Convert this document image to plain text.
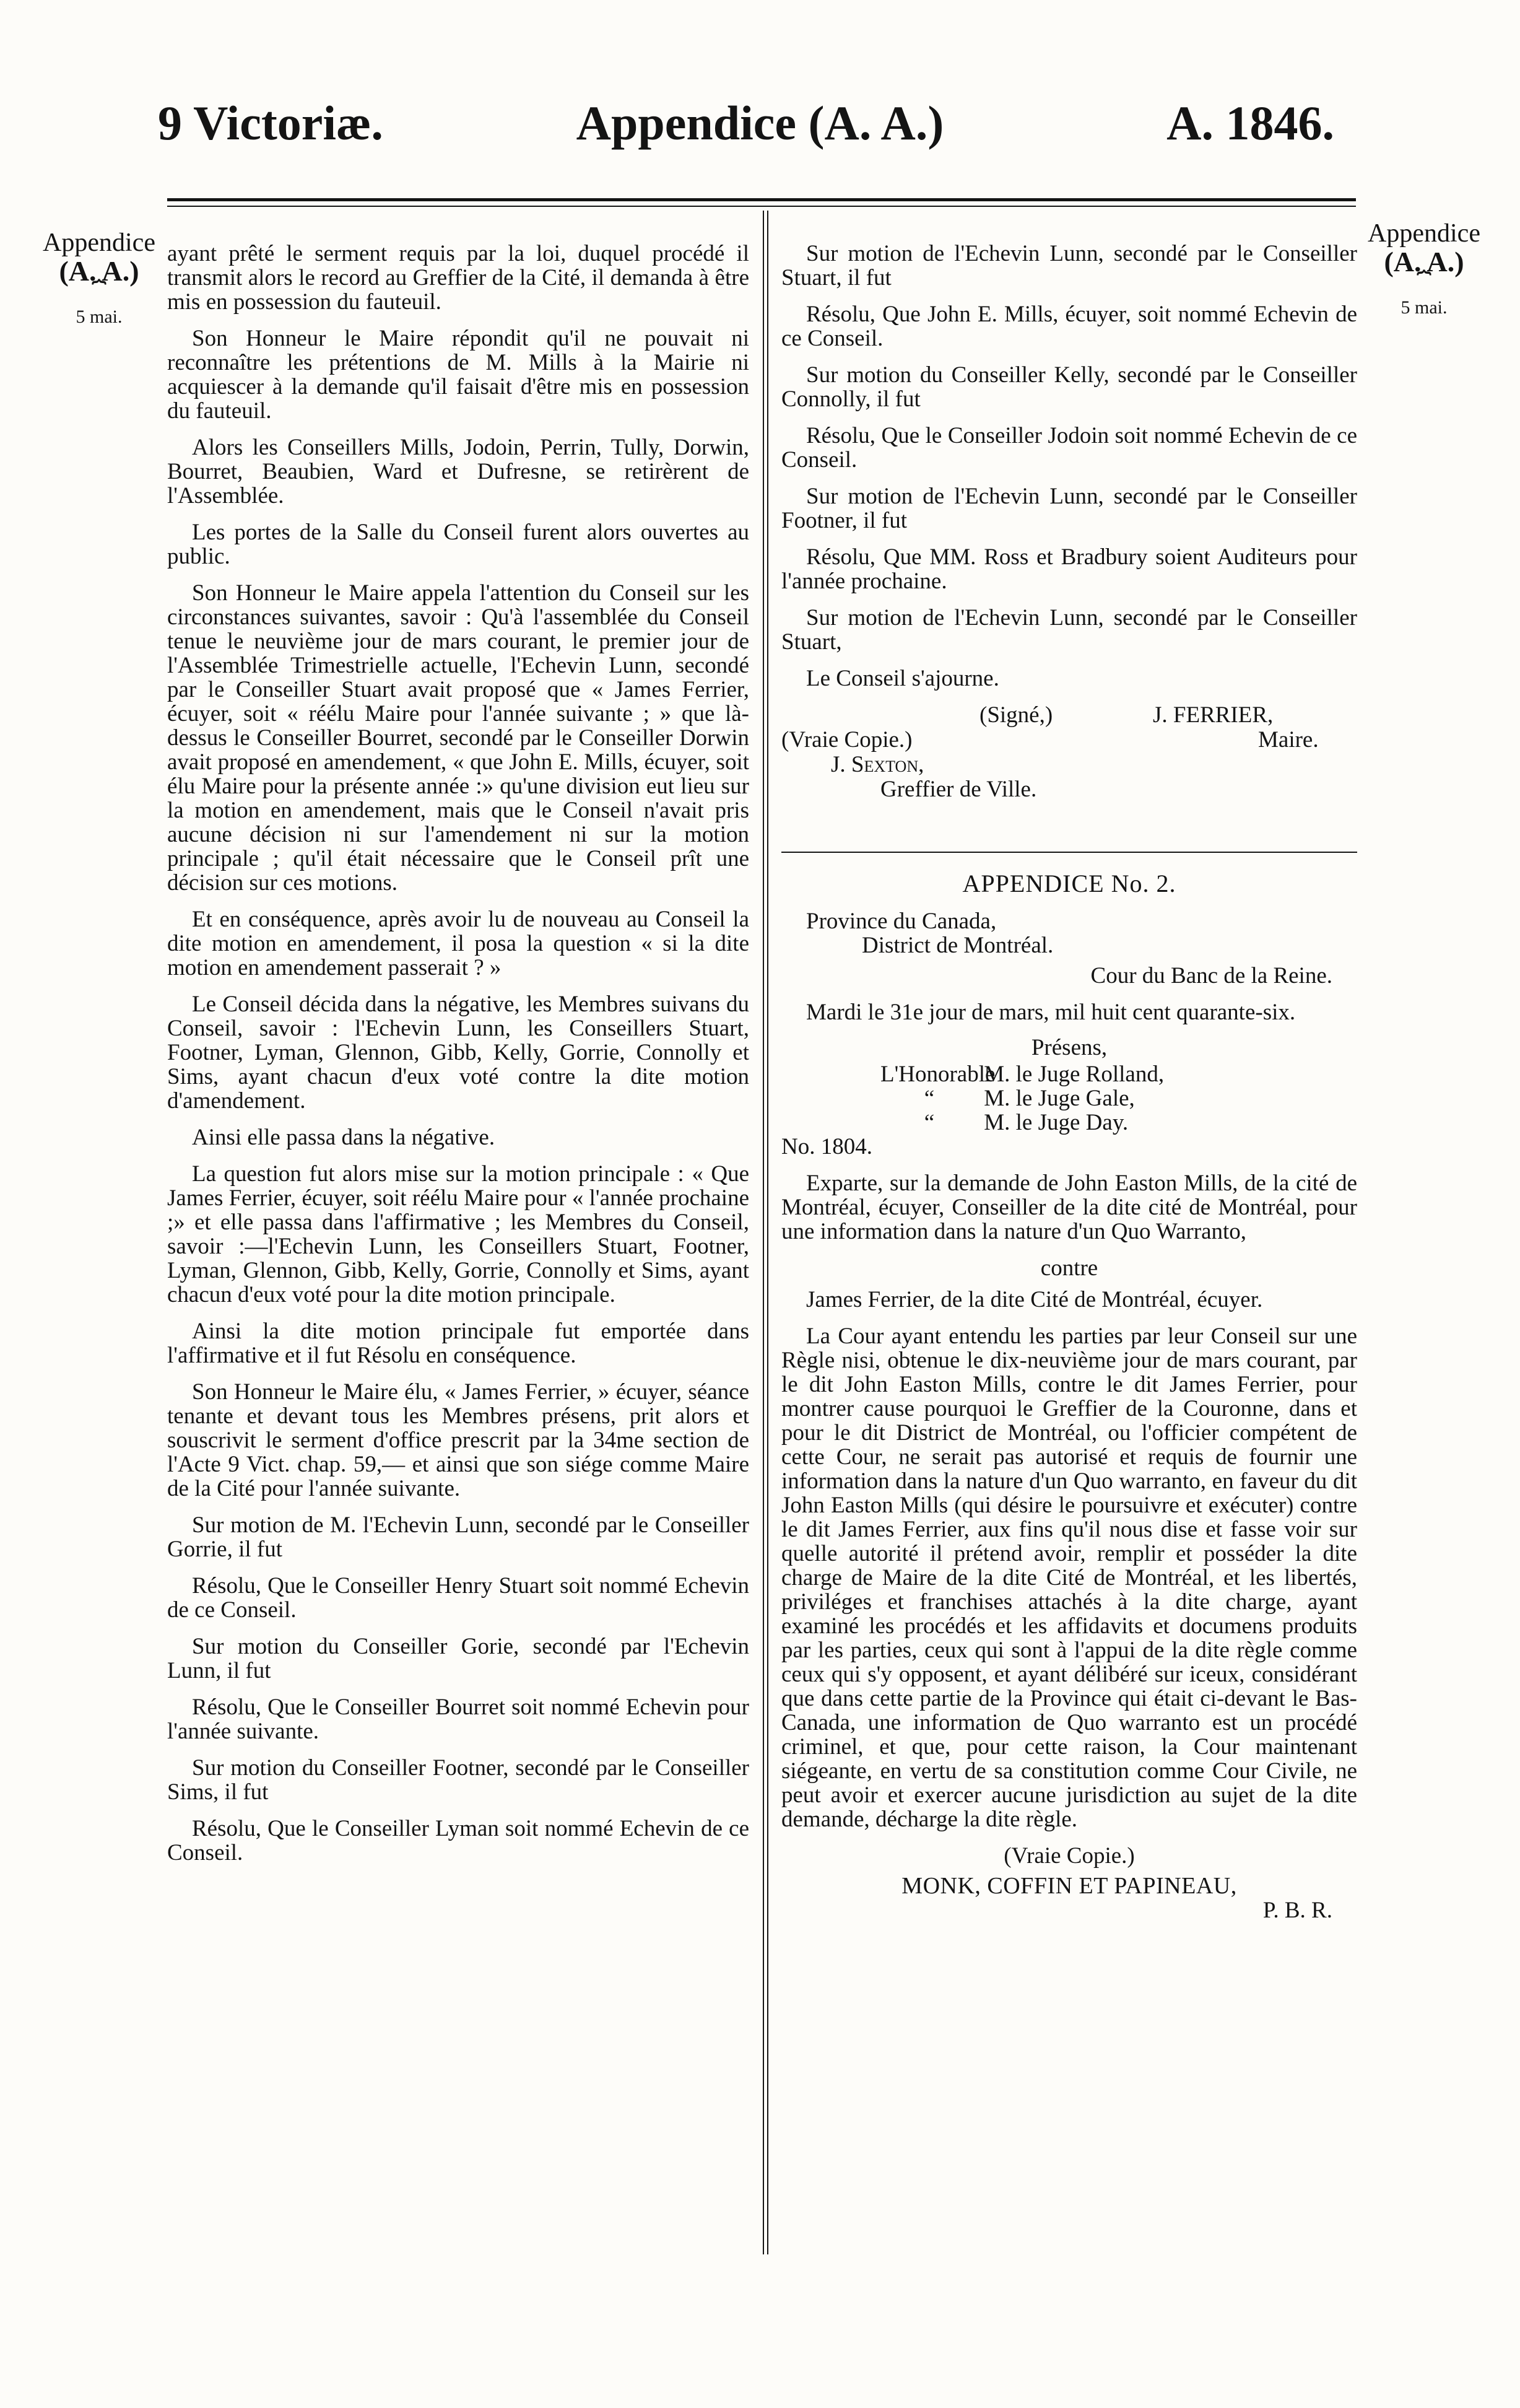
9 Victoriæ.	Appendice (A. A.)	A. 1846.
Appendice
(A. A.)
⏞
5 mai.
Appendice
(A. A.)
⏞
5 mai.

ayant prêté le serment requis par la loi, duquel procédé il transmit alors le record au Greffier de la Cité, il demanda à être mis en possession du fauteuil.

Son Honneur le Maire répondit qu'il ne pouvait ni reconnaître les prétentions de M. Mills à la Mairie ni acquiescer à la demande qu'il faisait d'être mis en possession du fauteuil.

Alors les Conseillers Mills, Jodoin, Perrin, Tully, Dorwin, Bourret, Beaubien, Ward et Dufresne, se retirèrent de l'Assemblée.

Les portes de la Salle du Conseil furent alors ouvertes au public.

Son Honneur le Maire appela l'attention du Conseil sur les circonstances suivantes, savoir : Qu'à l'assemblée du Conseil tenue le neuvième jour de mars courant, le premier jour de l'Assemblée Trimestrielle actuelle, l'Echevin Lunn, secondé par le Conseiller Stuart avait proposé que « James Ferrier, écuyer, soit « réélu Maire pour l'année suivante ; » que là-dessus le Conseiller Bourret, secondé par le Conseiller Dorwin avait proposé en amendement, « que John E. Mills, écuyer, soit élu Maire pour la présente année :» qu'une division eut lieu sur la motion en amendement, mais que le Conseil n'avait pris aucune décision ni sur l'amendement ni sur la motion principale ; qu'il était nécessaire que le Conseil prît une décision sur ces motions.

Et en conséquence, après avoir lu de nouveau au Conseil la dite motion en amendement, il posa la question « si la dite motion en amendement passerait ? »

Le Conseil décida dans la négative, les Membres suivans du Conseil, savoir : l'Echevin Lunn, les Conseillers Stuart, Footner, Lyman, Glennon, Gibb, Kelly, Gorrie, Connolly et Sims, ayant chacun d'eux voté contre la dite motion d'amendement.

Ainsi elle passa dans la négative.

La question fut alors mise sur la motion principale : « Que James Ferrier, écuyer, soit réélu Maire pour « l'année prochaine ;» et elle passa dans l'affirmative ; les Membres du Conseil, savoir :—l'Echevin Lunn, les Conseillers Stuart, Footner, Lyman, Glennon, Gibb, Kelly, Gorrie, Connolly et Sims, ayant chacun d'eux voté pour la dite motion principale.

Ainsi la dite motion principale fut emportée dans l'affirmative et il fut Résolu en conséquence.

Son Honneur le Maire élu, « James Ferrier, » écuyer, séance tenante et devant tous les Membres présens, prit alors et souscrivit le serment d'office prescrit par la 34me section de l'Acte 9 Vict. chap. 59,— et ainsi que son siége comme Maire de la Cité pour l'année suivante.

Sur motion de M. l'Echevin Lunn, secondé par le Conseiller Gorrie, il fut

Résolu, Que le Conseiller Henry Stuart soit nommé Echevin de ce Conseil.

Sur motion du Conseiller Gorie, secondé par l'Echevin Lunn, il fut

Résolu, Que le Conseiller Bourret soit nommé Echevin pour l'année suivante.

Sur motion du Conseiller Footner, secondé par le Conseiller Sims, il fut

Résolu, Que le Conseiller Lyman soit nommé Echevin de ce Conseil.

Sur motion de l'Echevin Lunn, secondé par le Conseiller Stuart, il fut

Résolu, Que John E. Mills, écuyer, soit nommé Echevin de ce Conseil.

Sur motion du Conseiller Kelly, secondé par le Conseiller Connolly, il fut

Résolu, Que le Conseiller Jodoin soit nommé Echevin de ce Conseil.

Sur motion de l'Echevin Lunn, secondé par le Conseiller Footner, il fut

Résolu, Que MM. Ross et Bradbury soient Auditeurs pour l'année prochaine.

Sur motion de l'Echevin Lunn, secondé par le Conseiller Stuart,

Le Conseil s'ajourne.

(Signé,)	J. FERRIER,
(Vraie Copie.)	Maire.
J. Sexton,
Greffier de Ville.
APPENDICE No. 2.

Province du Canada,

District de Montréal.

Cour du Banc de la Reine.

Mardi le 31e jour de mars, mil huit cent quarante-six.

Présens,
L'Honorable M. le Juge Rolland,
“ M. le Juge Gale,
“ M. le Juge Day.

No. 1804.

Exparte, sur la demande de John Easton Mills, de la cité de Montréal, écuyer, Conseiller de la dite cité de Montréal, pour une information dans la nature d'un Quo Warranto,

contre

James Ferrier, de la dite Cité de Montréal, écuyer.

La Cour ayant entendu les parties par leur Conseil sur une Règle nisi, obtenue le dix-neuvième jour de mars courant, par le dit John Easton Mills, contre le dit James Ferrier, pour montrer cause pourquoi le Greffier de la Couronne, dans et pour le dit District de Montréal, ou l'officier compétent de cette Cour, ne serait pas autorisé et requis de fournir une information dans la nature d'un Quo warranto, en faveur du dit John Easton Mills (qui désire le poursuivre et exécuter) contre le dit James Ferrier, aux fins qu'il nous dise et fasse voir sur quelle autorité il prétend avoir, remplir et posséder la dite charge de Maire de la dite Cité de Montréal, et les libertés, priviléges et franchises attachés à la dite charge, ayant examiné les procédés et les affidavits et documens produits par les parties, ceux qui sont à l'appui de la dite règle comme ceux qui s'y opposent, et ayant délibéré sur iceux, considérant que dans cette partie de la Province qui était ci-devant le Bas-Canada, une information de Quo warranto est un procédé criminel, et que, pour cette raison, la Cour maintenant siégeante, en vertu de sa constitution comme Cour Civile, ne peut avoir et exercer aucune jurisdiction au sujet de la dite demande, décharge la dite règle.

(Vraie Copie.)

MONK, COFFIN ET PAPINEAU,

P. B. R.
